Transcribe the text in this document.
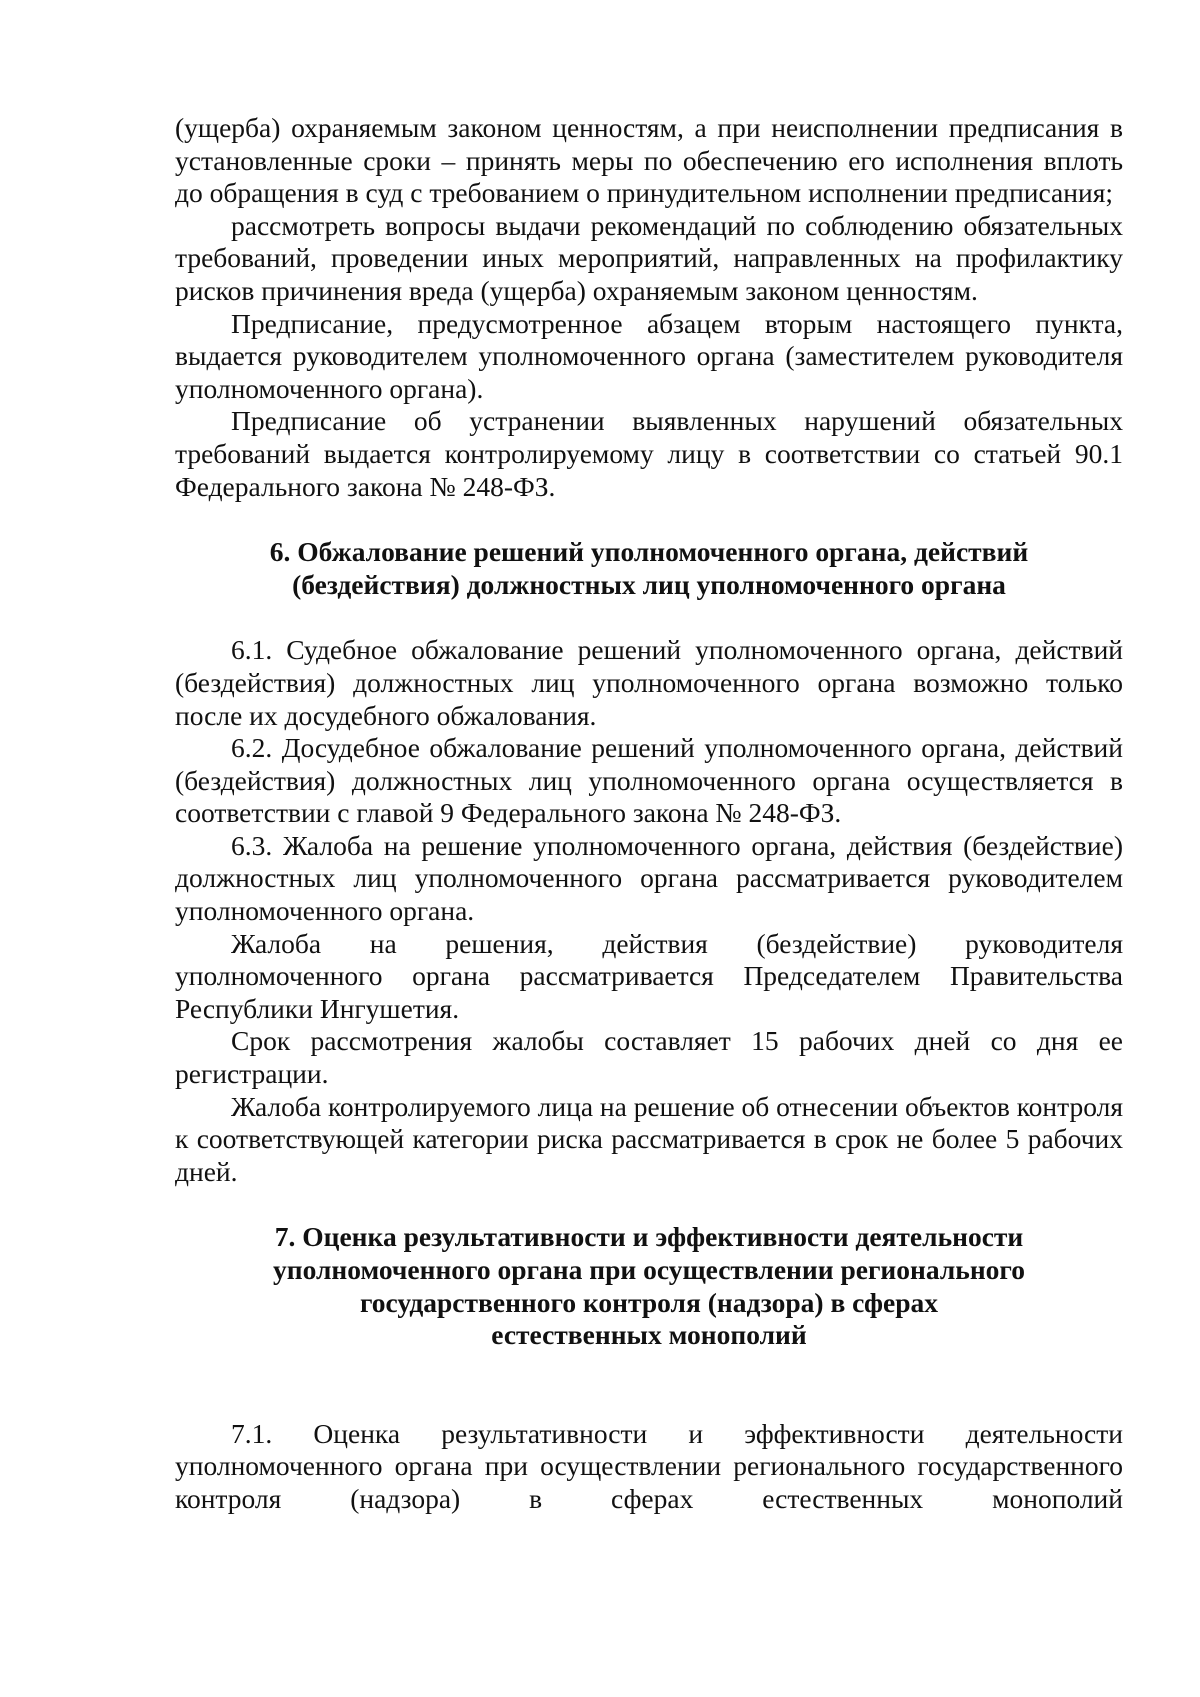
(ущерба) охраняемым законом ценностям, а при неисполнении предписания в установленные сроки – принять меры по обеспечению его исполнения вплоть до обращения в суд с требованием о принудительном исполнении предписания;

рассмотреть вопросы выдачи рекомендаций по соблюдению обязательных требований, проведении иных мероприятий, направленных на профилактику рисков причинения вреда (ущерба) охраняемым законом ценностям.

Предписание, предусмотренное абзацем вторым настоящего пункта, выдается руководителем уполномоченного органа (заместителем руководителя уполномоченного органа).

Предписание об устранении выявленных нарушений обязательных требований выдается контролируемому лицу в соответствии со статьей 90.1 Федерального закона № 248-ФЗ.

6. Обжалование решений уполномоченного органа, действий

(бездействия) должностных лиц уполномоченного органа

6.1. Судебное обжалование решений уполномоченного органа, действий (бездействия) должностных лиц уполномоченного органа возможно только после их досудебного обжалования.

6.2. Досудебное обжалование решений уполномоченного органа, действий (бездействия) должностных лиц уполномоченного органа осуществляется в соответствии с главой 9 Федерального закона № 248-ФЗ.

6.3. Жалоба на решение уполномоченного органа, действия (бездействие) должностных лиц уполномоченного органа рассматривается руководителем уполномоченного органа.

Жалоба на решения, действия (бездействие) руководителя уполномоченного органа рассматривается Председателем Правительства Республики Ингушетия.

Срок рассмотрения жалобы составляет 15 рабочих дней со дня ее регистрации.

Жалоба контролируемого лица на решение об отнесении объектов контроля к соответствующей категории риска рассматривается в срок не более 5 рабочих дней.

7. Оценка результативности и эффективности деятельности

уполномоченного органа при осуществлении регионального

государственного контроля (надзора) в сферах

естественных монополий

7.1. Оценка результативности и эффективности деятельности уполномоченного органа при осуществлении регионального государственного контроля (надзора) в сферах естественных монополий
